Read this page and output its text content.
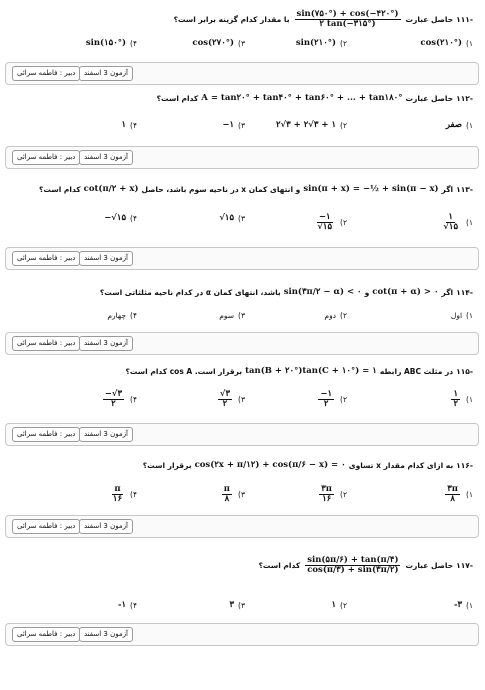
-۱۱۱
حاصل عبارت
$\frac{\sin(۷۵۰^\circ) + \cos(-۴۲۰^\circ)}{۲ \tan(-۳۱۵^\circ)}$
با مقدار کدام گزینه برابر است؟
۱)
cos(۲۱۰°)
۲)
sin(۲۱۰°)
۳)
cos(۲۷۰°)
۴)
sin(۱۵۰°)
آزمون 3 اسفند
دبیر : فاطمه سرائی
-۱۱۲
حاصل عبارت
A = tan۲۰° + tan۴۰° + tan۶۰° + ... + tan۱۸۰°
کدام است؟
۱)
صفر
۲)
۲√۳ + ۲√۳ + ۱
۳)
−۱
۴)
۱
آزمون 3 اسفند
دبیر : فاطمه سرائی
-۱۱۳
اگر
sin(π + x) = −½ + sin(π − x)
و انتهای کمان x در ناحیه سوم باشد، حاصل
cot(π/۲ + x)
کدام است؟
۱)
$\frac{۱}{√۱۵}$
۲)
$\frac{-۱}{√۱۵}$
۳)
√۱۵
۴)
−√۱۵
آزمون 3 اسفند
دبیر : فاطمه سرائی
-۱۱۴
اگر
cot(π + α) > ۰
و
sin(۳π/۲ − α) < ۰
باشد، انتهای کمان α در کدام ناحیه مثلثاتی است؟
۱)
اول
۲)
دوم
۳)
سوم
۴)
چهارم
آزمون 3 اسفند
دبیر : فاطمه سرائی
-۱۱۵
در مثلث ABC رابطه
tan(B + ۲۰°)tan(C + ۱۰°) = ۱
برقرار است. cos A کدام است؟
۱)
$\frac{۱}{۲}$
۲)
$\frac{-۱}{۲}$
۳)
$\frac{√۳}{۲}$
۴)
$\frac{-√۳}{۲}$
آزمون 3 اسفند
دبیر : فاطمه سرائی
-۱۱۶
به ازای کدام مقدار x تساوی
cos(۲x + π/۱۲) + cos(π/۶ − x) = ۰
برقرار است؟
۱)
$\frac{۳\pi}{۸}$
۲)
$\frac{۳\pi}{۱۶}$
۳)
$\frac{\pi}{۸}$
۴)
$\frac{\pi}{۱۶}$
آزمون 3 اسفند
دبیر : فاطمه سرائی
-۱۱۷
حاصل عبارت
$\frac{\sin(۵\pi/۶) + \tan(\pi/۴)}{\cos(\pi/۳) + \sin(۳\pi/۲)}$
کدام است؟
۱)
-۳
۲)
۱
۳)
۳
۴)
-۱
آزمون 3 اسفند
دبیر : فاطمه سرائی
